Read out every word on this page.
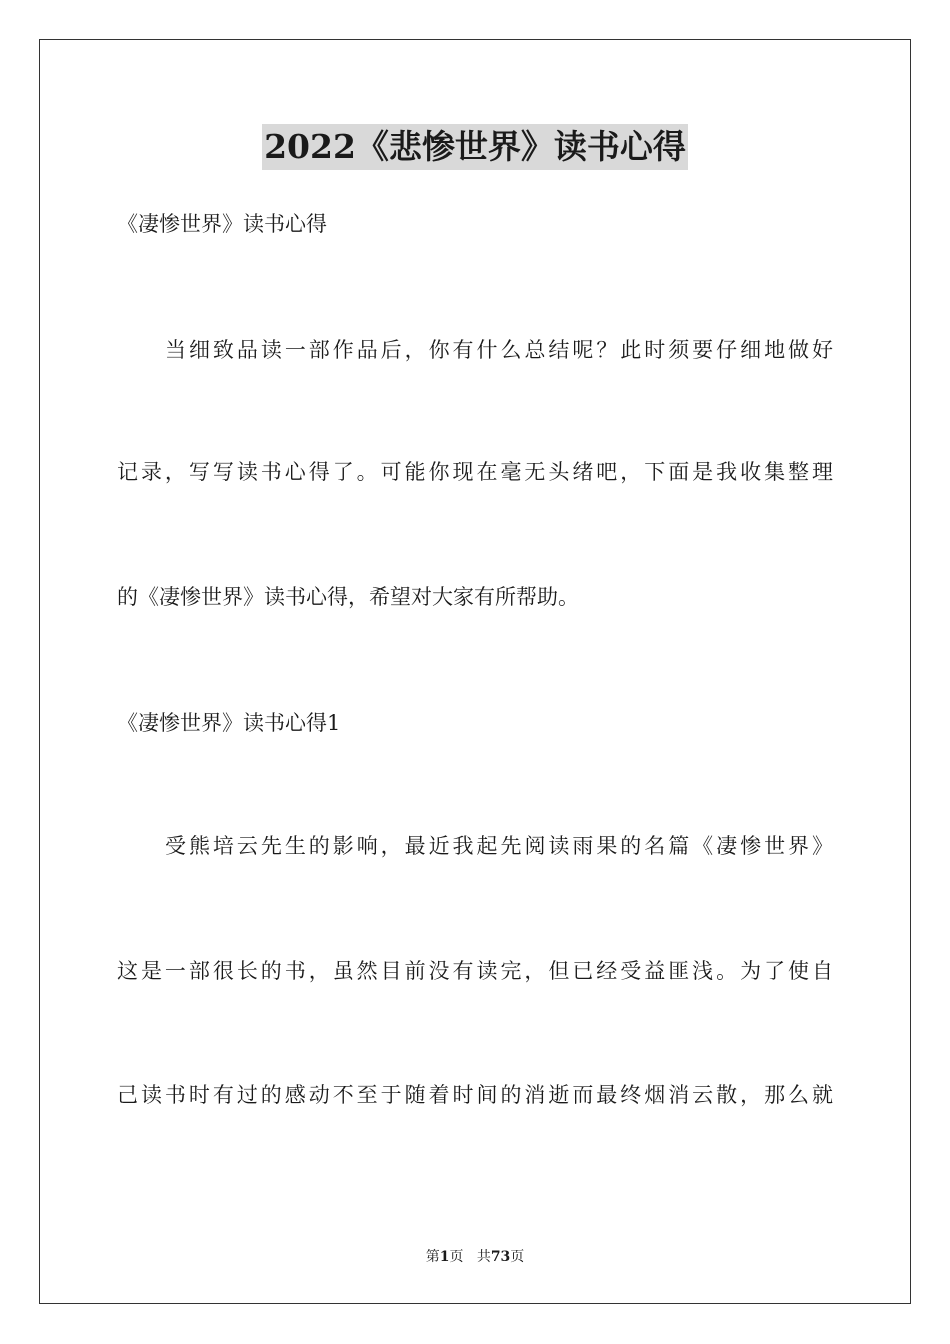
2022《悲惨世界》读书心得
《凄惨世界》读书心得
当细致品读一部作品后，你有什么总结呢？此时须要仔细地做好
记录，写写读书心得了。可能你现在毫无头绪吧，下面是我收集整理
的《凄惨世界》读书心得，希望对大家有所帮助。
《凄惨世界》读书心得1
受熊培云先生的影响，最近我起先阅读雨果的名篇《凄惨世界》
这是一部很长的书，虽然目前没有读完，但已经受益匪浅。为了使自
己读书时有过的感动不至于随着时间的消逝而最终烟消云散，那么就
第1页 共73页
